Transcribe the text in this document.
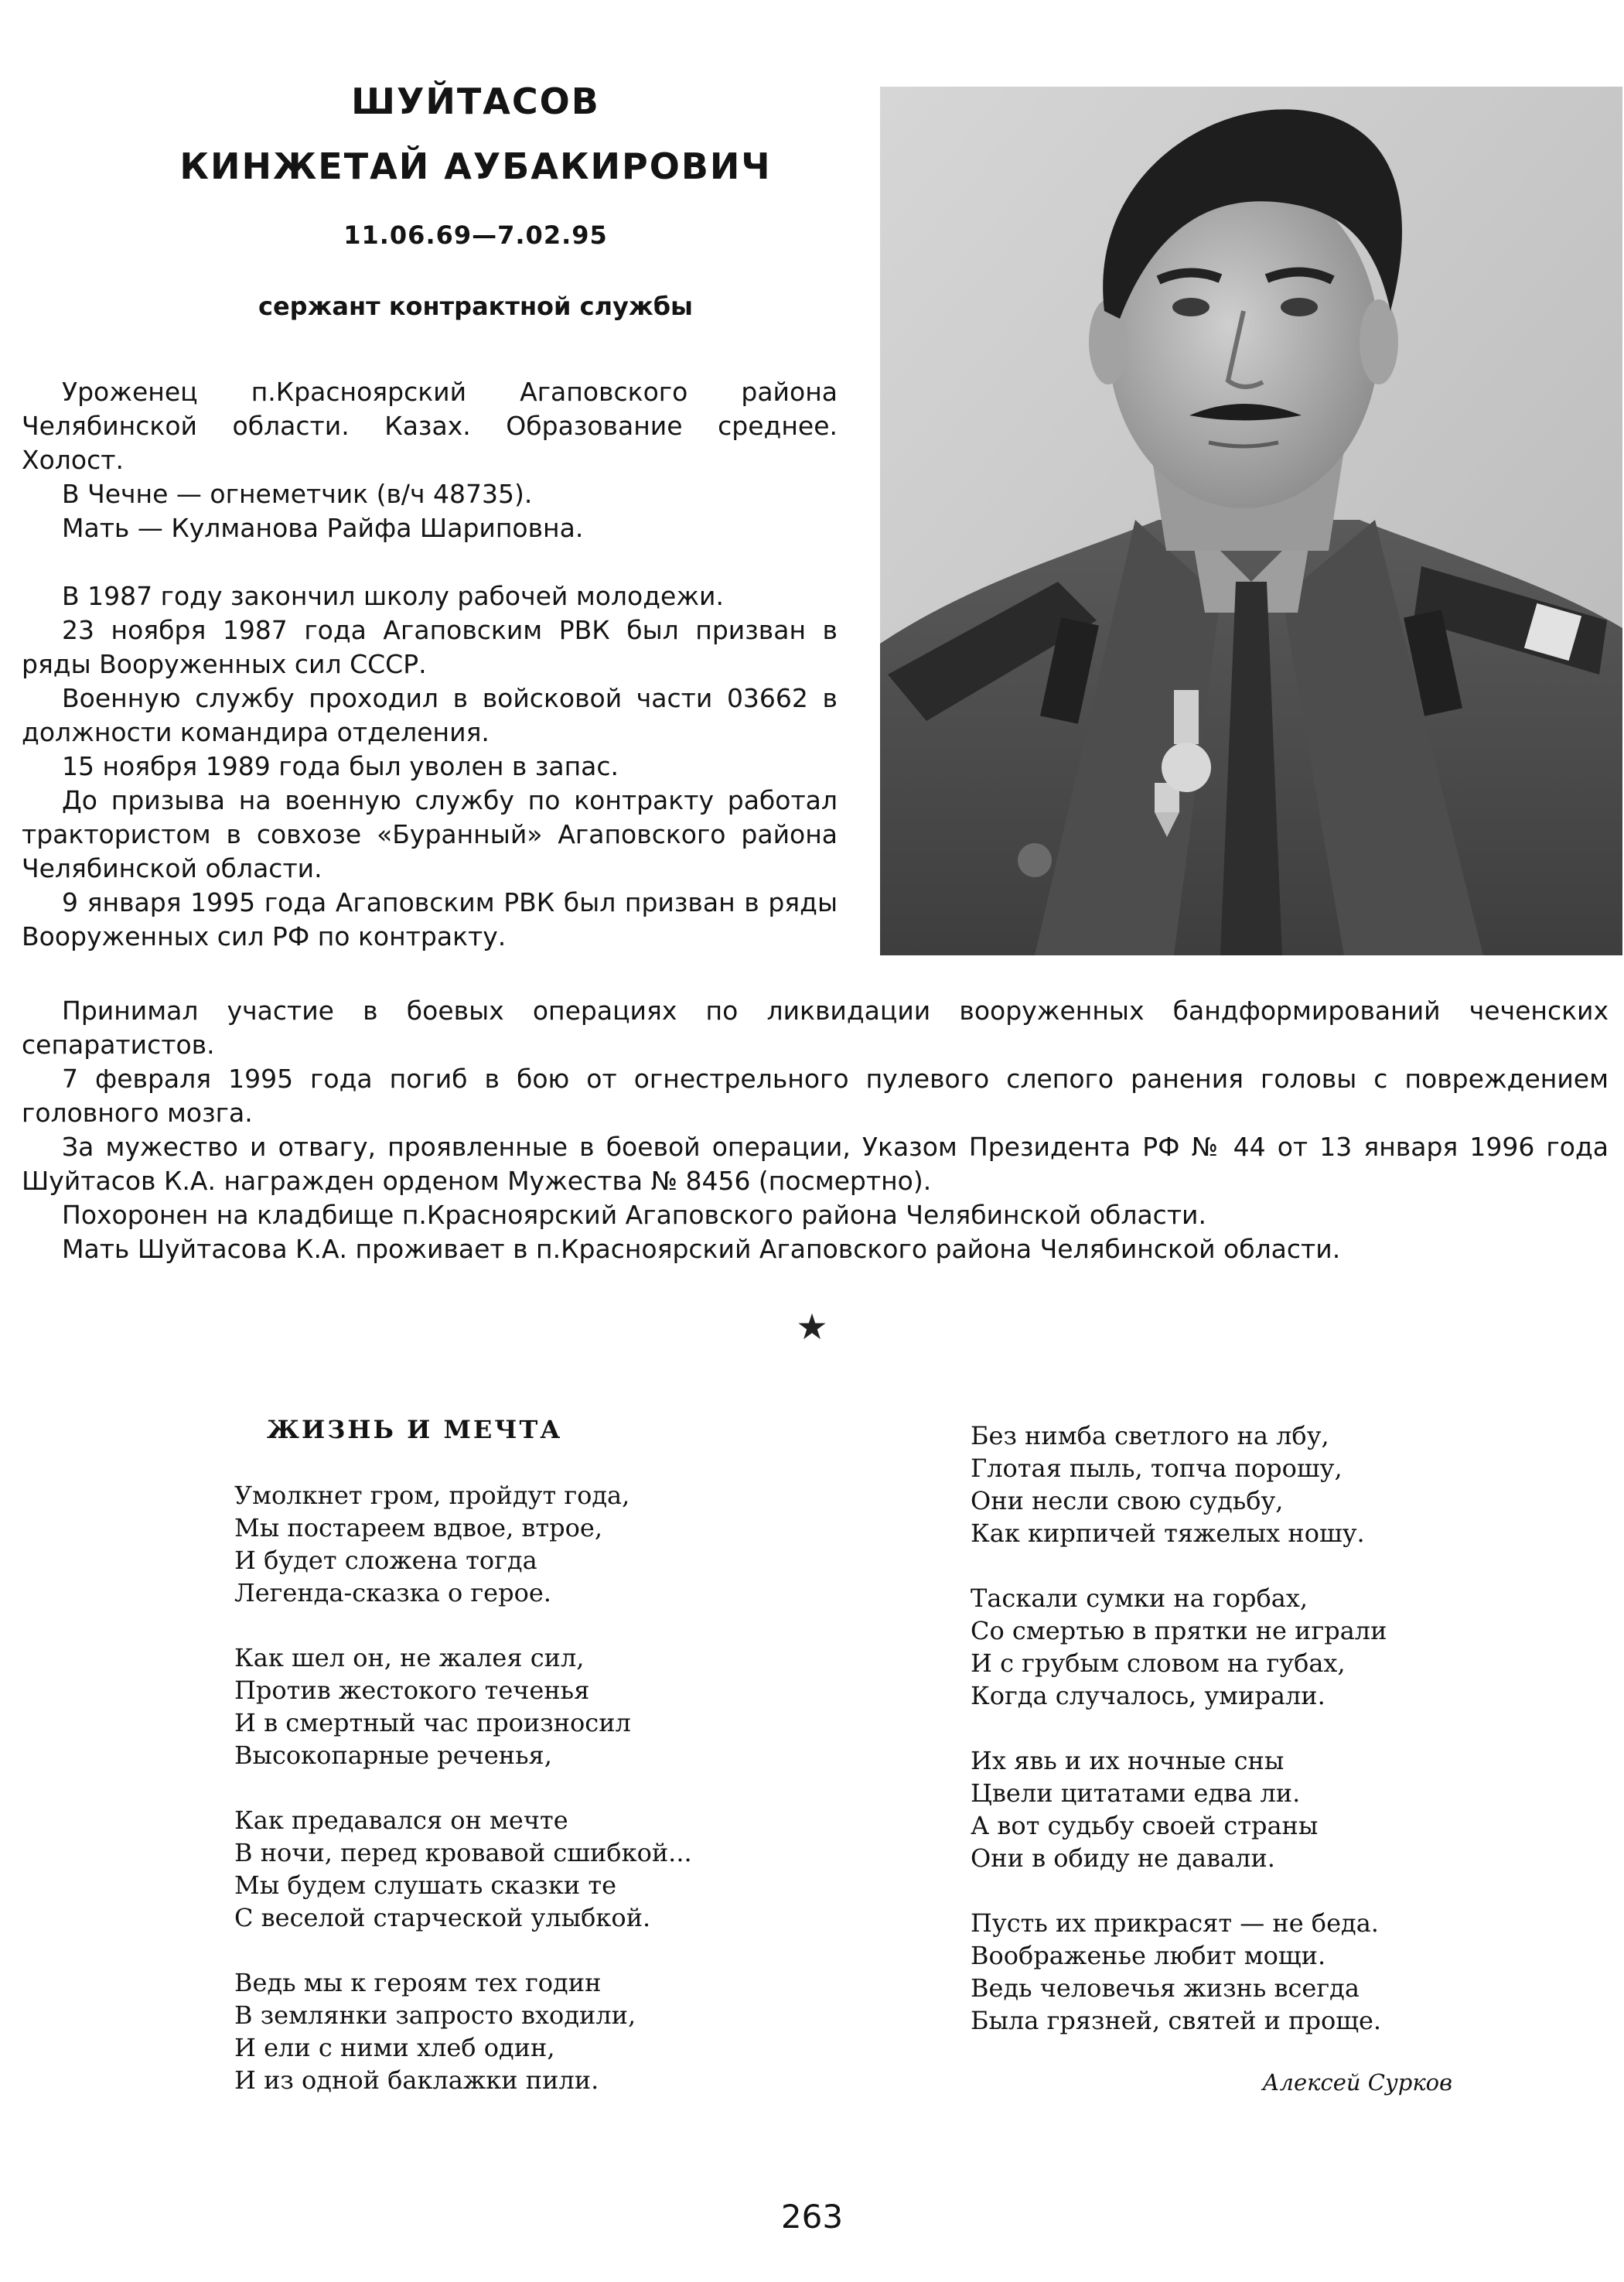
ШУЙТАСОВ
КИНЖЕТАЙ АУБАКИРОВИЧ
11.06.69—7.02.95
сержант контрактной службы

Уроженец п.Красноярский Агаповского района Челябинской области. Казах. Образование среднее. Холост.

В Чечне — огнеметчик (в/ч 48735).

Мать — Кулманова Райфа Шариповна.

В 1987 году закончил школу рабочей молодежи.

23 ноября 1987 года Агаповским РВК был призван в ряды Вооруженных сил СССР.

Военную службу проходил в войсковой части 03662 в должности командира отделения.

15 ноября 1989 года был уволен в запас.

До призыва на военную службу по контракту работал трактористом в совхозе «Буранный» Агаповского района Челябинской области.

9 января 1995 года Агаповским РВК был призван в ряды Вооруженных сил РФ по контракту.

Принимал участие в боевых операциях по ликвидации вооруженных бандформирований чеченских сепаратистов.

7 февраля 1995 года погиб в бою от огнестрельного пулевого слепого ранения головы с повреждением головного мозга.

За мужество и отвагу, проявленные в боевой операции, Указом Президента РФ № 44 от 13 января 1996 года Шуйтасов К.А. награжден орденом Мужества № 8456 (посмертно).

Похоронен на кладбище п.Красноярский Агаповского района Челябинской области.

Мать Шуйтасова К.А. проживает в п.Красноярский Агаповского района Челябинской области.

★
ЖИЗНЬ И МЕЧТА

Умолкнет гром, пройдут года,
Мы постареем вдвое, втрое,
И будет сложена тогда
Легенда-сказка о герое.

Как шел он, не жалея сил,
Против жестокого теченья
И в смертный час произносил
Высокопарные реченья,

Как предавался он мечте
В ночи, перед кровавой сшибкой...
Мы будем слушать сказки те
С веселой старческой улыбкой.

Ведь мы к героям тех годин
В землянки запросто входили,
И ели с ними хлеб один,
И из одной баклажки пили.

Без нимба светлого на лбу,
Глотая пыль, топча порошу,
Они несли свою судьбу,
Как кирпичей тяжелых ношу.

Таскали сумки на горбах,
Со смертью в прятки не играли
И с грубым словом на губах,
Когда случалось, умирали.

Их явь и их ночные сны
Цвели цитатами едва ли.
А вот судьбу своей страны
Они в обиду не давали.

Пусть их прикрасят — не беда.
Воображенье любит мощи.
Ведь человечья жизнь всегда
Была грязней, святей и проще.

Алексей Сурков
263
